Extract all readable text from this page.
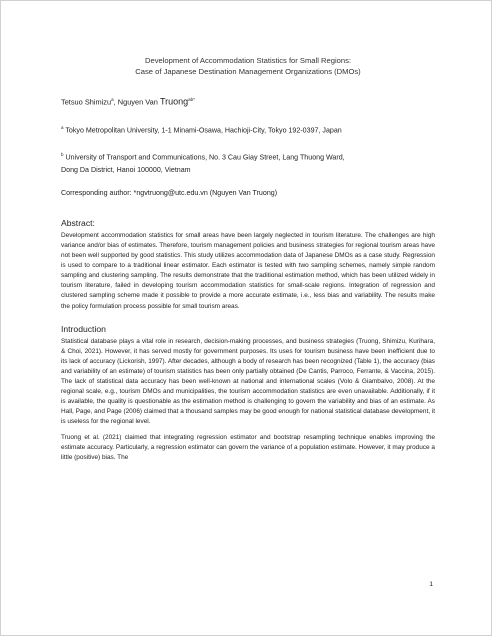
Development of Accommodation Statistics for Small Regions:
Case of Japanese Destination Management Organizations (DMOs)

Tetsuo Shimizu$^a$, Nguyen Van Truong$^{ab*}$
$^a$ Tokyo Metropolitan University, 1-1 Minami-Osawa, Hachioji-City, Tokyo 192-0397, Japan
$^b$ University of Transport and Communications, No. 3 Cau Giay Street, Lang Thuong Ward,
Dong Da District, Hanoi 100000, Vietnam
Corresponding author: *ngvtruong@utc.edu.vn (Nguyen Van Truong)
Abstract:

Development accommodation statistics for small areas have been largely neglected in tourism literature. The challenges are high variance and/or bias of estimates. Therefore, tourism management policies and business strategies for regional tourism areas have not been well supported by good statistics. This study utilizes accommodation data of Japanese DMOs as a case study. Regression is used to compare to a traditional linear estimator. Each estimator is tested with two sampling schemes, namely simple random sampling and clustering sampling. The results demonstrate that the traditional estimation method, which has been utilized widely in tourism literature, failed in developing tourism accommodation statistics for small-scale regions. Integration of regression and clustered sampling scheme made it possible to provide a more accurate estimate, i.e., less bias and variability. The results make the policy formulation process possible for small tourism areas.

Introduction

Statistical database plays a vital role in research, decision-making processes, and business strategies (Truong, Shimizu, Kurihara, & Choi, 2021). However, it has served mostly for government purposes. Its uses for tourism business have been inefficient due to its lack of accuracy (Lickorish, 1997). After decades, although a body of research has been recognized (Table 1), the accuracy (bias and variability of an estimate) of tourism statistics has been only partially obtained (De Cantis, Parroco, Ferrante, & Vaccina, 2015). The lack of statistical data accuracy has been well-known at national and international scales (Volo & Giambalvo, 2008). At the regional scale, e.g., tourism DMOs and municipalities, the tourism accommodation statistics are even unavailable. Additionally, if it is available, the quality is questionable as the estimation method is challenging to govern the variability and bias of an estimate. As Hall, Page, and Page (2006) claimed that a thousand samples may be good enough for national statistical database development, it is useless for the regional level.

Truong et al. (2021) claimed that integrating regression estimator and bootstrap resampling technique enables improving the estimate accuracy. Particularly, a regression estimator can govern the variance of a population estimate. However, it may produce a little (positive) bias. The

1
